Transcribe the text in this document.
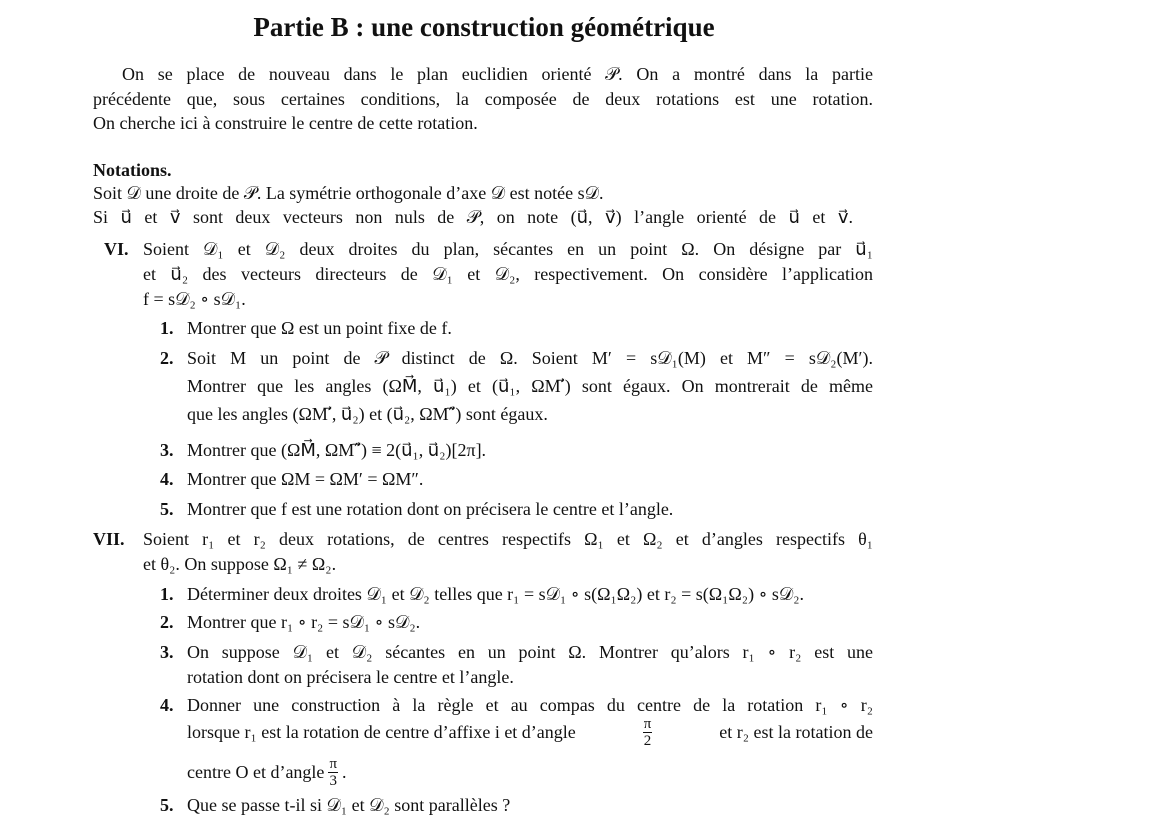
Partie B : une construction géométrique
On se place de nouveau dans le plan euclidien orienté 𝒫. On a montré dans la partie
précédente que, sous certaines conditions, la composée de deux rotations est une rotation.
On cherche ici à construire le centre de cette rotation.
Notations.
Soit 𝒟 une droite de 𝒫. La symétrie orthogonale d’axe 𝒟 est notée s𝒟.
Si u⃗ et v⃗ sont deux vecteurs non nuls de 𝒫, on note (u⃗, v⃗) l’angle orienté de u⃗ et v⃗.
VI. Soient 𝒟₁ et 𝒟₂ deux droites du plan, sécantes en un point Ω. On désigne par u⃗₁
et u⃗₂ des vecteurs directeurs de 𝒟₁ et 𝒟₂, respectivement. On considère l’application
f = s𝒟₂ ∘ s𝒟₁.
1. Montrer que Ω est un point fixe de f.
2. Soit M un point de 𝒫 distinct de Ω. Soient M′ = s𝒟₁(M) et M″ = s𝒟₂(M′).
Montrer que les angles (ΩM⃗, u⃗₁) et (u⃗₁, ΩM′⃗) sont égaux. On montrerait de même
que les angles (ΩM′⃗, u⃗₂) et (u⃗₂, ΩM″⃗) sont égaux.
3. Montrer que (ΩM⃗, ΩM″⃗) ≡ 2(u⃗₁, u⃗₂)[2π].
4. Montrer que ΩM = ΩM′ = ΩM″.
5. Montrer que f est une rotation dont on précisera le centre et l’angle.
VII. Soient r₁ et r₂ deux rotations, de centres respectifs Ω₁ et Ω₂ et d’angles respectifs θ₁
et θ₂. On suppose Ω₁ ≠ Ω₂.
1. Déterminer deux droites 𝒟₁ et 𝒟₂ telles que r₁ = s𝒟₁ ∘ s(Ω₁Ω₂) et r₂ = s(Ω₁Ω₂) ∘ s𝒟₂.
2. Montrer que r₁ ∘ r₂ = s𝒟₁ ∘ s𝒟₂.
3. On suppose 𝒟₁ et 𝒟₂ sécantes en un point Ω. Montrer qu’alors r₁ ∘ r₂ est une
rotation dont on précisera le centre et l’angle.
4. Donner une construction à la règle et au compas du centre de la rotation r₁ ∘ r₂
lorsque r₁ est la rotation de centre d’affixe i et d’angle	$\frac{\pi}{2}$	et r₂ est la rotation de
centre O et d’angle $\frac{\pi}{3}$ .
5. Que se passe t-il si 𝒟₁ et 𝒟₂ sont parallèles ?
